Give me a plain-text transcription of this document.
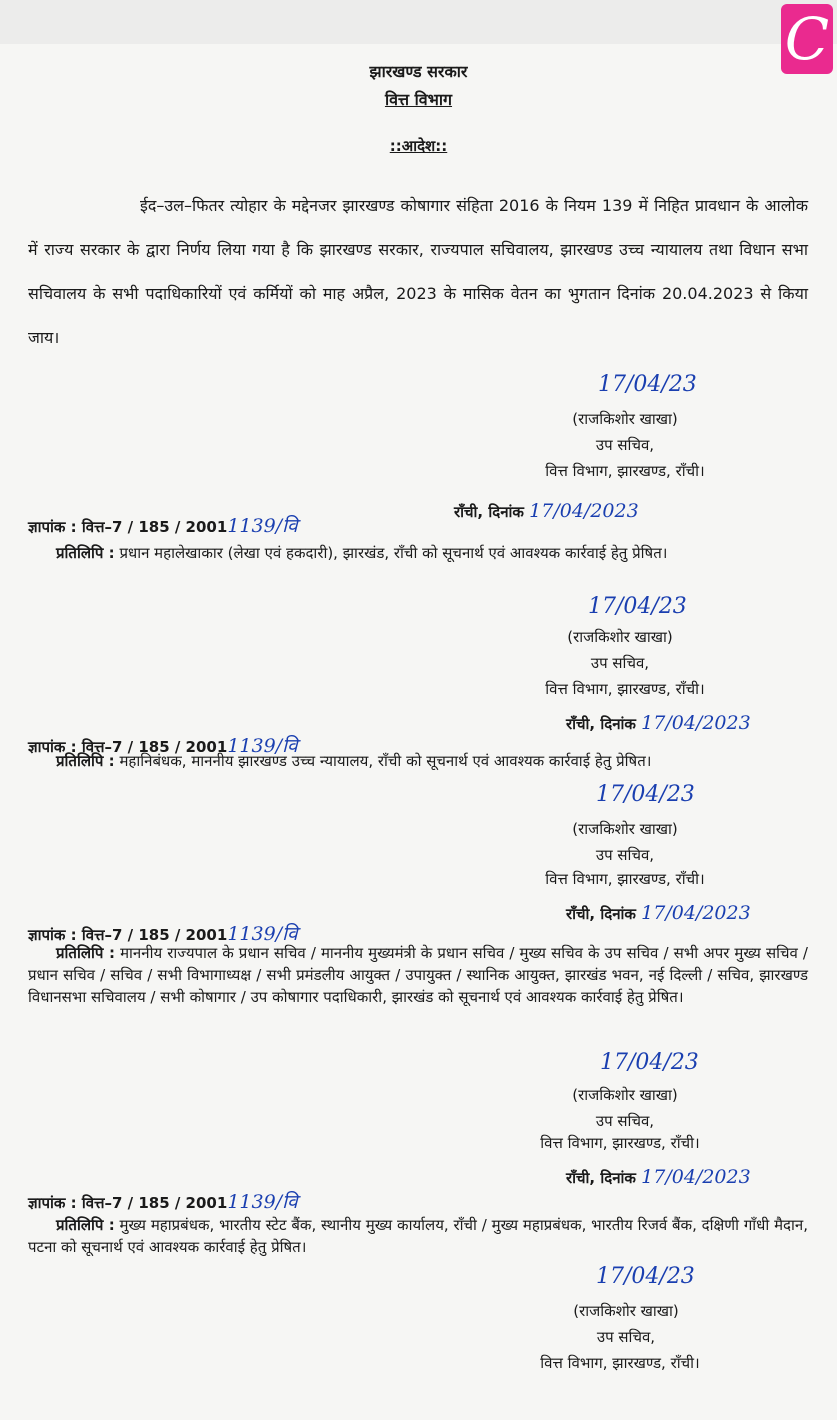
C
झारखण्ड सरकार
वित्त विभाग
::आदेश::

ईद–उल–फितर त्योहार के मद्देनजर झारखण्ड कोषागार संहिता 2016 के नियम 139 में निहित प्रावधान के आलोक में राज्य सरकार के द्वारा निर्णय लिया गया है कि झारखण्ड सरकार, राज्यपाल सचिवालय, झारखण्ड उच्च न्यायालय तथा विधान सभा सचिवालय के सभी पदाधिकारियों एवं कर्मियों को माह अप्रैल, 2023 के मासिक वेतन का भुगतान दिनांक 20.04.2023 से किया जाय।

17/04/23
(राजकिशोर खाखा)
उप सचिव,
वित्त विभाग, झारखण्ड, राँची।
ज्ञापांक : वित्त–7 / 185 / 20011139/वि
राँची, दिनांक 17/04/2023
प्रतिलिपि : प्रधान महालेखाकार (लेखा एवं हकदारी), झारखंड, राँची को सूचनार्थ एवं आवश्यक कार्रवाई हेतु प्रेषित।
17/04/23
(राजकिशोर खाखा)
उप सचिव,
वित्त विभाग, झारखण्ड, राँची।
राँची, दिनांक 17/04/2023
ज्ञापांक : वित्त–7 / 185 / 20011139/वि
प्रतिलिपि : महानिबंधक, माननीय झारखण्ड उच्च न्यायालय, राँची को सूचनार्थ एवं आवश्यक कार्रवाई हेतु प्रेषित।
17/04/23
(राजकिशोर खाखा)
उप सचिव,
वित्त विभाग, झारखण्ड, राँची।
राँची, दिनांक 17/04/2023
ज्ञापांक : वित्त–7 / 185 / 20011139/वि
प्रतिलिपि : माननीय राज्यपाल के प्रधान सचिव / माननीय मुख्यमंत्री के प्रधान सचिव / मुख्य सचिव के उप सचिव / सभी अपर मुख्य सचिव / प्रधान सचिव / सचिव / सभी विभागाध्यक्ष / सभी प्रमंडलीय आयुक्त / उपायुक्त / स्थानिक आयुक्त, झारखंड भवन, नई दिल्ली / सचिव, झारखण्ड विधानसभा सचिवालय / सभी कोषागार / उप कोषागार पदाधिकारी, झारखंड को सूचनार्थ एवं आवश्यक कार्रवाई हेतु प्रेषित।
17/04/23
(राजकिशोर खाखा)
उप सचिव,
वित्त विभाग, झारखण्ड, राँची।
राँची, दिनांक 17/04/2023
ज्ञापांक : वित्त–7 / 185 / 20011139/वि
प्रतिलिपि : मुख्य महाप्रबंधक, भारतीय स्टेट बैंक, स्थानीय मुख्य कार्यालय, राँची / मुख्य महाप्रबंधक, भारतीय रिजर्व बैंक, दक्षिणी गाँधी मैदान, पटना को सूचनार्थ एवं आवश्यक कार्रवाई हेतु प्रेषित।
17/04/23
(राजकिशोर खाखा)
उप सचिव,
वित्त विभाग, झारखण्ड, राँची।
